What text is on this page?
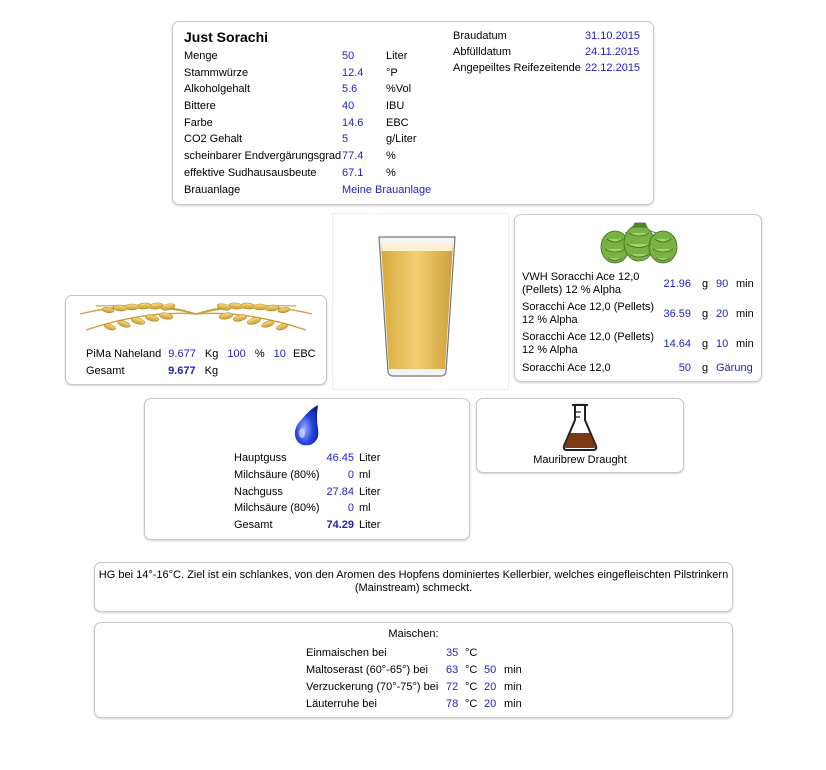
Just Sorachi
Menge	50	Liter
Stammwürze	12.4	°P
Alkoholgehalt	5.6	%Vol
Bittere	40	IBU
Farbe	14.6	EBC
CO2 Gehalt	5	g/Liter
scheinbarer Endvergärungsgrad	77.4	%
effektive Sudhausausbeute	67.1	%
Brauanlage	Meine Brauanlage	
Braudatum	31.10.2015
Abfülldatum	24.11.2015
Angepeiltes Reifezeitende	22.12.2015
PiMa Naheland 9.677 Kg 100 % 10 EBC
Gesamt	9.677 Kg
VWH Soracchi Ace 12,0
(Pellets) 12 % Alpha	21.96 g 90 min
Soracchi Ace 12,0 (Pellets)
12 % Alpha	36.59 g 20 min
Soracchi Ace 12,0 (Pellets)
12 % Alpha	14.64 g 10 min
Soracchi Ace 12,0	50 g Gärung
Hauptguss	46.45	Liter
Milchsäure (80%)	0	ml
Nachguss	27.84	Liter
Milchsäure (80%)	0	ml
Gesamt	74.29	Liter
Mauribrew Draught
HG bei 14°-16°C. Ziel ist ein schlankes, von den Aromen des Hopfens dominiertes Kellerbier, welches eingefleischten Pilstrinkern
(Mainstream) schmeckt.
Maischen:
Einmaischen bei	35	°C		
Maltoserast (60°-65°) bei	63	°C	50	min
Verzuckerung (70°-75°) bei	72	°C	20	min
Läuterruhe bei	78	°C	20	min
